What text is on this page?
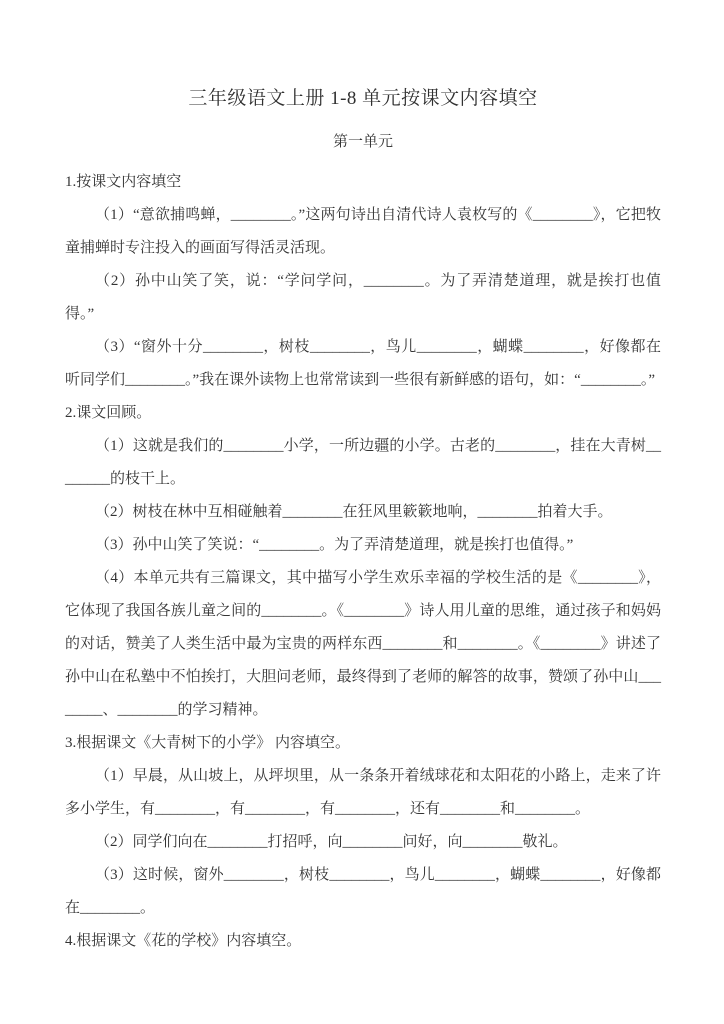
三年级语文上册 1-8 单元按课文内容填空
第一单元

1.按课文内容填空

（1）“意欲捕鸣蝉，________。”这两句诗出自清代诗人袁枚写的《________》，它把牧童捕蝉时专注投入的画面写得活灵活现。

（2）孙中山笑了笑，说：“学问学问，________。为了弄清楚道理，就是挨打也值得。”

（3）“窗外十分________，树枝________，鸟儿________，蝴蝶________，好像都在听同学们________。”我在课外读物上也常常读到一些很有新鲜感的语句，如：“________。”

2.课文回顾。

（1）这就是我们的________小学，一所边疆的小学。古老的________，挂在大青树________的枝干上。

（2）树枝在林中互相碰触着________在狂风里簌簌地响，________拍着大手。

（3）孙中山笑了笑说：“________。为了弄清楚道理，就是挨打也值得。”

（4）本单元共有三篇课文，其中描写小学生欢乐幸福的学校生活的是《________》，它体现了我国各族儿童之间的________。《________》诗人用儿童的思维，通过孩子和妈妈的对话，赞美了人类生活中最为宝贵的两样东西________和________。《________》讲述了孙中山在私塾中不怕挨打，大胆问老师，最终得到了老师的解答的故事，赞颂了孙中山________、________的学习精神。

3.根据课文《大青树下的小学》 内容填空。

（1）早晨，从山坡上，从坪坝里，从一条条开着绒球花和太阳花的小路上，走来了许多小学生，有________，有________，有________，还有________和________。

（2）同学们向在________打招呼，向________问好，向________敬礼。

（3）这时候，窗外________，树枝________，鸟儿________，蝴蝶________，好像都在________。

4.根据课文《花的学校》内容填空。
